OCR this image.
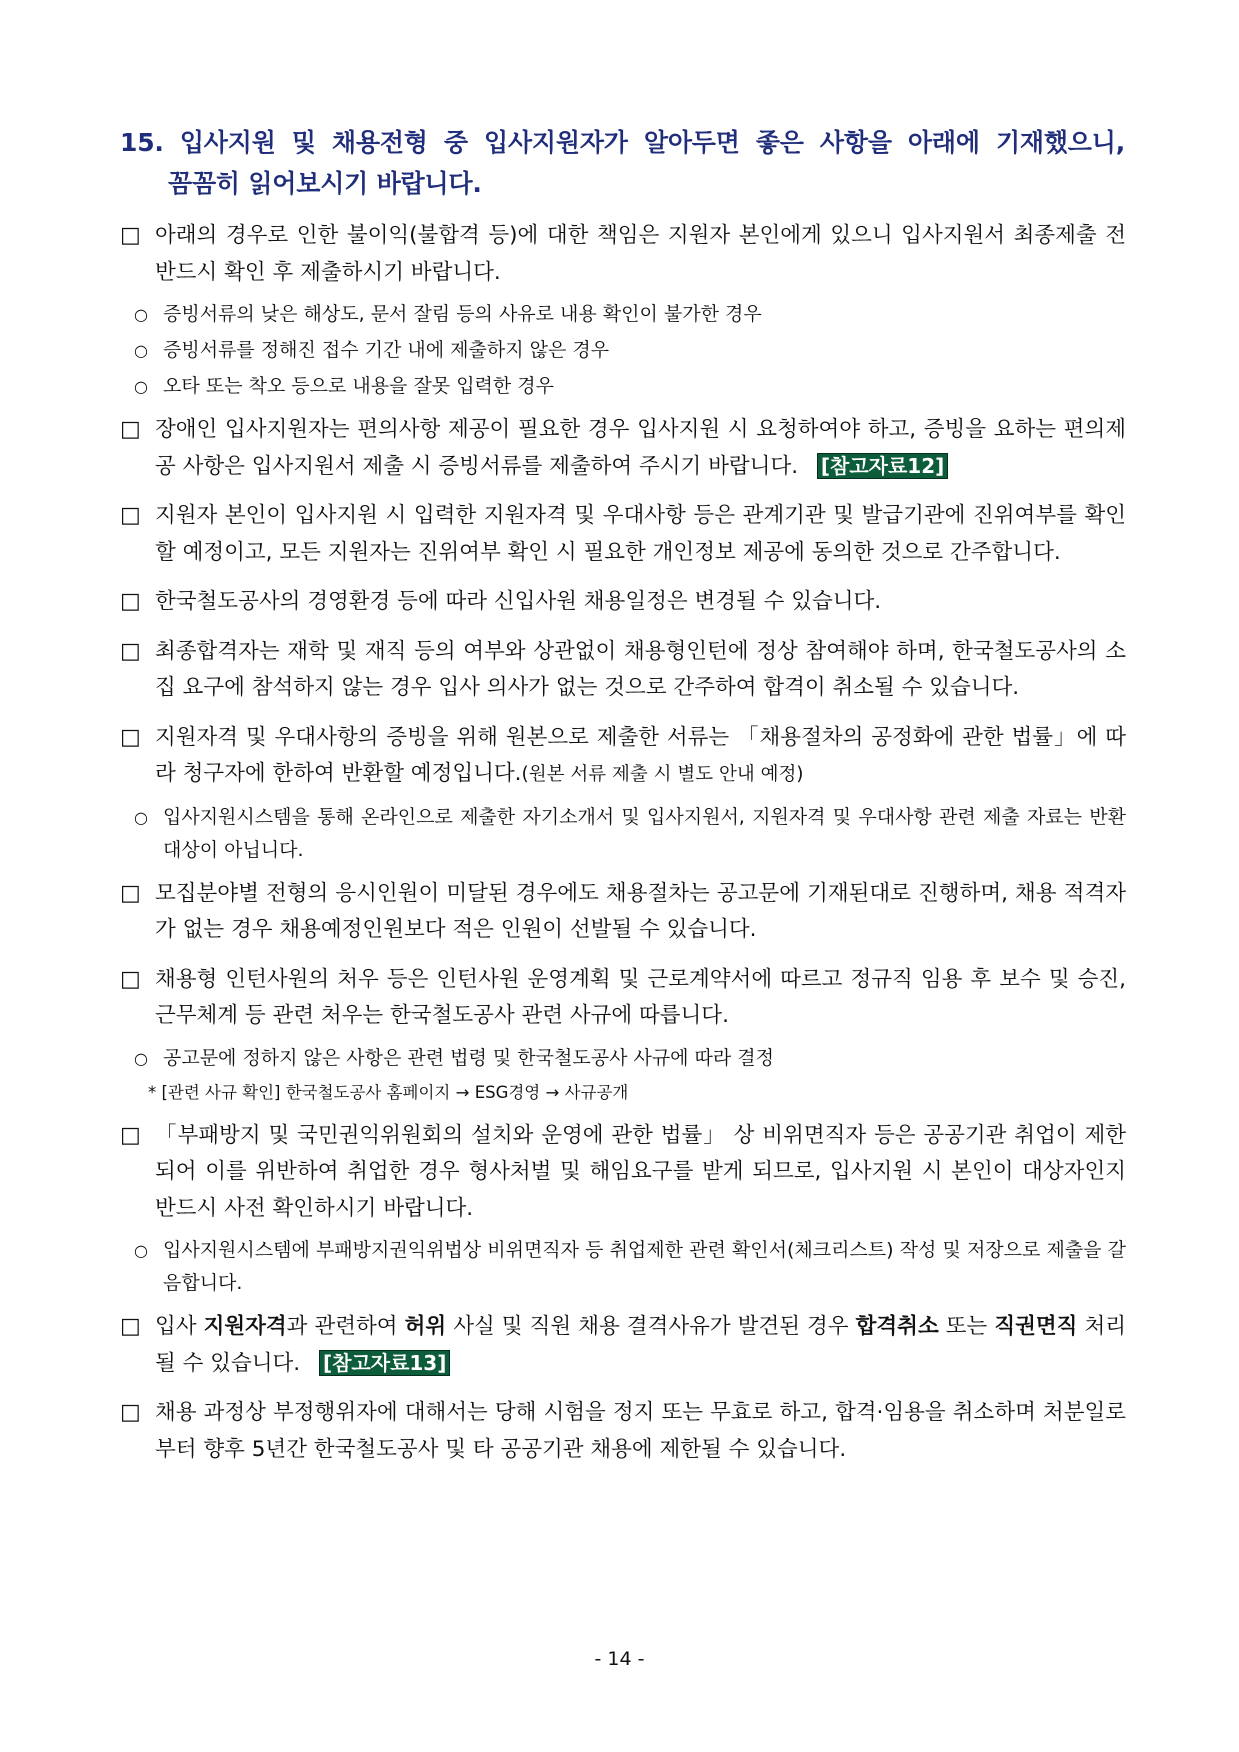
15. 입사지원 및 채용전형 중 입사지원자가 알아두면 좋은 사항을 아래에 기재했으니,
꼼꼼히 읽어보시기 바랍니다.
□ 아래의 경우로 인한 불이익(불합격 등)에 대한 책임은 지원자 본인에게 있으니 입사지원서 최종제출 전 반드시 확인 후 제출하시기 바랍니다.
○ 증빙서류의 낮은 해상도, 문서 잘림 등의 사유로 내용 확인이 불가한 경우
○ 증빙서류를 정해진 접수 기간 내에 제출하지 않은 경우
○ 오타 또는 착오 등으로 내용을 잘못 입력한 경우
□ 장애인 입사지원자는 편의사항 제공이 필요한 경우 입사지원 시 요청하여야 하고, 증빙을 요하는 편의제공 사항은 입사지원서 제출 시 증빙서류를 제출하여 주시기 바랍니다. [참고자료12]
□ 지원자 본인이 입사지원 시 입력한 지원자격 및 우대사항 등은 관계기관 및 발급기관에 진위여부를 확인할 예정이고, 모든 지원자는 진위여부 확인 시 필요한 개인정보 제공에 동의한 것으로 간주합니다.
□ 한국철도공사의 경영환경 등에 따라 신입사원 채용일정은 변경될 수 있습니다.
□ 최종합격자는 재학 및 재직 등의 여부와 상관없이 채용형인턴에 정상 참여해야 하며, 한국철도공사의 소집 요구에 참석하지 않는 경우 입사 의사가 없는 것으로 간주하여 합격이 취소될 수 있습니다.
□ 지원자격 및 우대사항의 증빙을 위해 원본으로 제출한 서류는 「채용절차의 공정화에 관한 법률」에 따라 청구자에 한하여 반환할 예정입니다.(원본 서류 제출 시 별도 안내 예정)
○ 입사지원시스템을 통해 온라인으로 제출한 자기소개서 및 입사지원서, 지원자격 및 우대사항 관련 제출 자료는 반환 대상이 아닙니다.
□ 모집분야별 전형의 응시인원이 미달된 경우에도 채용절차는 공고문에 기재된대로 진행하며, 채용 적격자가 없는 경우 채용예정인원보다 적은 인원이 선발될 수 있습니다.
□ 채용형 인턴사원의 처우 등은 인턴사원 운영계획 및 근로계약서에 따르고 정규직 임용 후 보수 및 승진, 근무체계 등 관련 처우는 한국철도공사 관련 사규에 따릅니다.
○ 공고문에 정하지 않은 사항은 관련 법령 및 한국철도공사 사규에 따라 결정
* [관련 사규 확인] 한국철도공사 홈페이지 → ESG경영 → 사규공개
□ 「부패방지 및 국민권익위원회의 설치와 운영에 관한 법률」 상 비위면직자 등은 공공기관 취업이 제한되어 이를 위반하여 취업한 경우 형사처벌 및 해임요구를 받게 되므로, 입사지원 시 본인이 대상자인지 반드시 사전 확인하시기 바랍니다.
○ 입사지원시스템에 부패방지권익위법상 비위면직자 등 취업제한 관련 확인서(체크리스트) 작성 및 저장으로 제출을 갈음합니다.
□ 입사 지원자격과 관련하여 허위 사실 및 직원 채용 결격사유가 발견된 경우 합격취소 또는 직권면직 처리될 수 있습니다. [참고자료13]
□ 채용 과정상 부정행위자에 대해서는 당해 시험을 정지 또는 무효로 하고, 합격·임용을 취소하며 처분일로부터 향후 5년간 한국철도공사 및 타 공공기관 채용에 제한될 수 있습니다.
- 14 -
